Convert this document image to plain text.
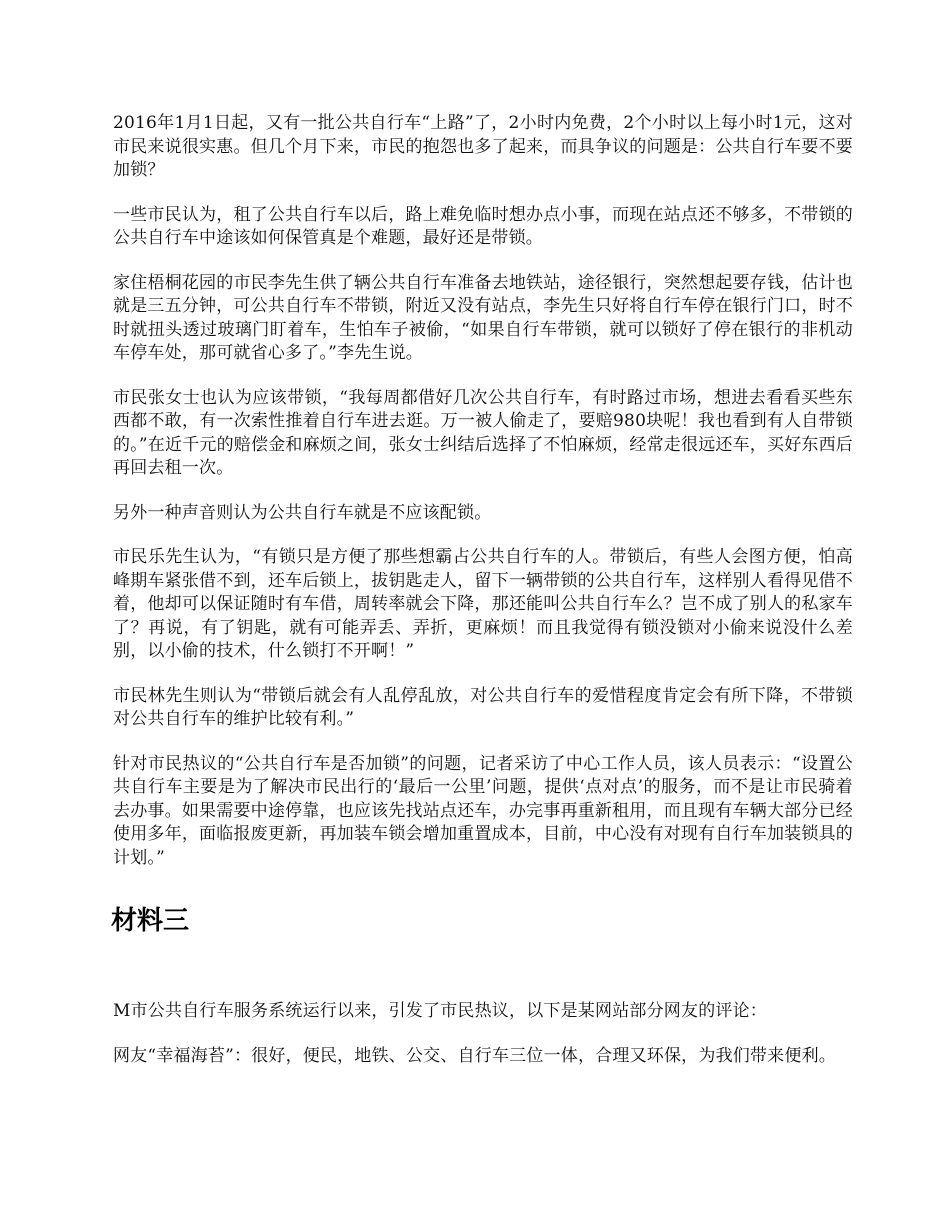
2016年1月1日起，又有一批公共自行车“上路”了，2小时内免费，2个小时以上每小时1元，这对市民来说很实惠。但几个月下来，市民的抱怨也多了起来，而具争议的问题是：公共自行车要不要加锁？

一些市民认为，租了公共自行车以后，路上难免临时想办点小事，而现在站点还不够多，不带锁的公共自行车中途该如何保管真是个难题，最好还是带锁。

家住梧桐花园的市民李先生供了辆公共自行车准备去地铁站，途径银行，突然想起要存钱，估计也就是三五分钟，可公共自行车不带锁，附近又没有站点，李先生只好将自行车停在银行门口，时不时就扭头透过玻璃门盯着车，生怕车子被偷，“如果自行车带锁，就可以锁好了停在银行的非机动车停车处，那可就省心多了。”李先生说。

市民张女士也认为应该带锁，“我每周都借好几次公共自行车，有时路过市场，想进去看看买些东西都不敢，有一次索性推着自行车进去逛。万一被人偷走了，要赔980块呢！我也看到有人自带锁的。”在近千元的赔偿金和麻烦之间，张女士纠结后选择了不怕麻烦，经常走很远还车，买好东西后再回去租一次。

另外一种声音则认为公共自行车就是不应该配锁。

市民乐先生认为，“有锁只是方便了那些想霸占公共自行车的人。带锁后，有些人会图方便，怕高峰期车紧张借不到，还车后锁上，拔钥匙走人，留下一辆带锁的公共自行车，这样别人看得见借不着，他却可以保证随时有车借，周转率就会下降，那还能叫公共自行车么？岂不成了别人的私家车了？再说，有了钥匙，就有可能弄丢、弄折，更麻烦！而且我觉得有锁没锁对小偷来说没什么差别，以小偷的技术，什么锁打不开啊！”

市民林先生则认为“带锁后就会有人乱停乱放，对公共自行车的爱惜程度肯定会有所下降，不带锁对公共自行车的维护比较有利。”

针对市民热议的“公共自行车是否加锁”的问题，记者采访了中心工作人员，该人员表示：“设置公共自行车主要是为了解决市民出行的‘最后一公里’问题，提供‘点对点’的服务，而不是让市民骑着去办事。如果需要中途停靠，也应该先找站点还车，办完事再重新租用，而且现有车辆大部分已经使用多年，面临报废更新，再加装车锁会增加重置成本，目前，中心没有对现有自行车加装锁具的计划。”

材料三

M市公共自行车服务系统运行以来，引发了市民热议，以下是某网站部分网友的评论：

网友“幸福海苔”：很好，便民，地铁、公交、自行车三位一体，合理又环保，为我们带来便利。
